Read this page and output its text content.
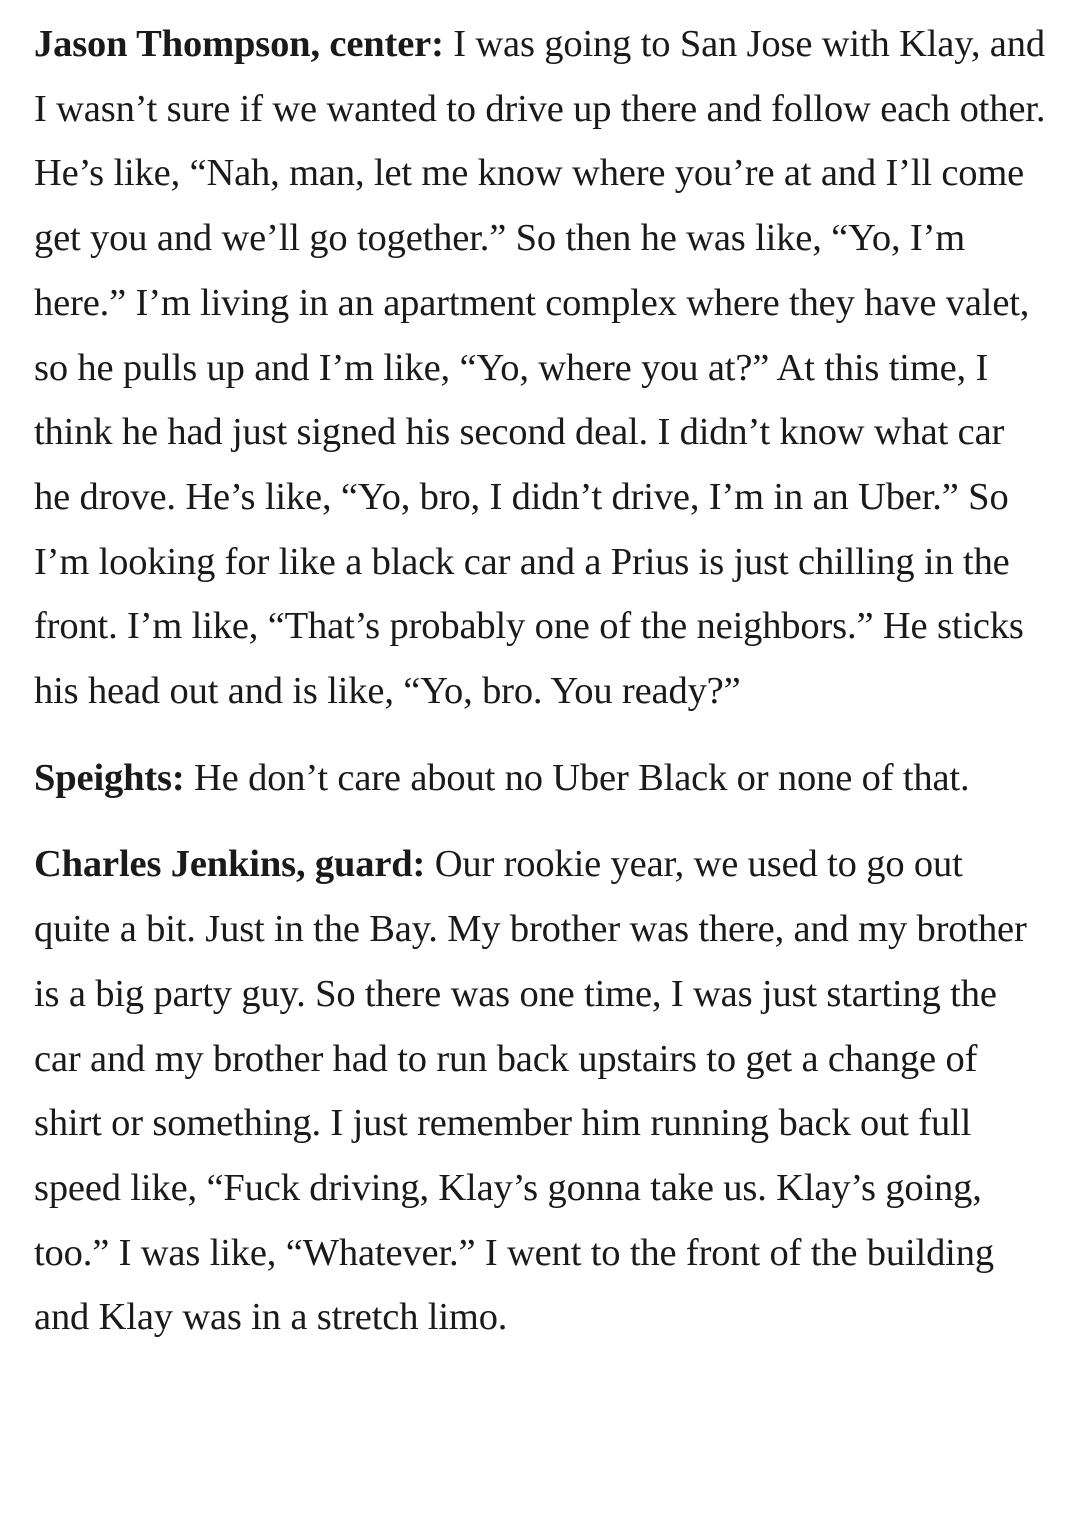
Jason Thompson, center: I was going to San Jose with Klay, and I wasn’t sure if we wanted to drive up there and follow each other. He’s like, “Nah, man, let me know where you’re at and I’ll come get you and we’ll go together.” So then he was like, “Yo, I’m here.” I’m living in an apartment complex where they have valet, so he pulls up and I’m like, “Yo, where you at?” At this time, I think he had just signed his second deal. I didn’t know what car he drove. He’s like, “Yo, bro, I didn’t drive, I’m in an Uber.” So I’m looking for like a black car and a Prius is just chilling in the front. I’m like, “That’s probably one of the neighbors.” He sticks his head out and is like, “Yo, bro. You ready?”

Speights: He don’t care about no Uber Black or none of that.

Charles Jenkins, guard: Our rookie year, we used to go out quite a bit. Just in the Bay. My brother was there, and my brother is a big party guy. So there was one time, I was just starting the car and my brother had to run back upstairs to get a change of shirt or something. I just remember him running back out full speed like, “Fuck driving, Klay’s gonna take us. Klay’s going, too.” I was like, “Whatever.” I went to the front of the building and Klay was in a stretch limo.
